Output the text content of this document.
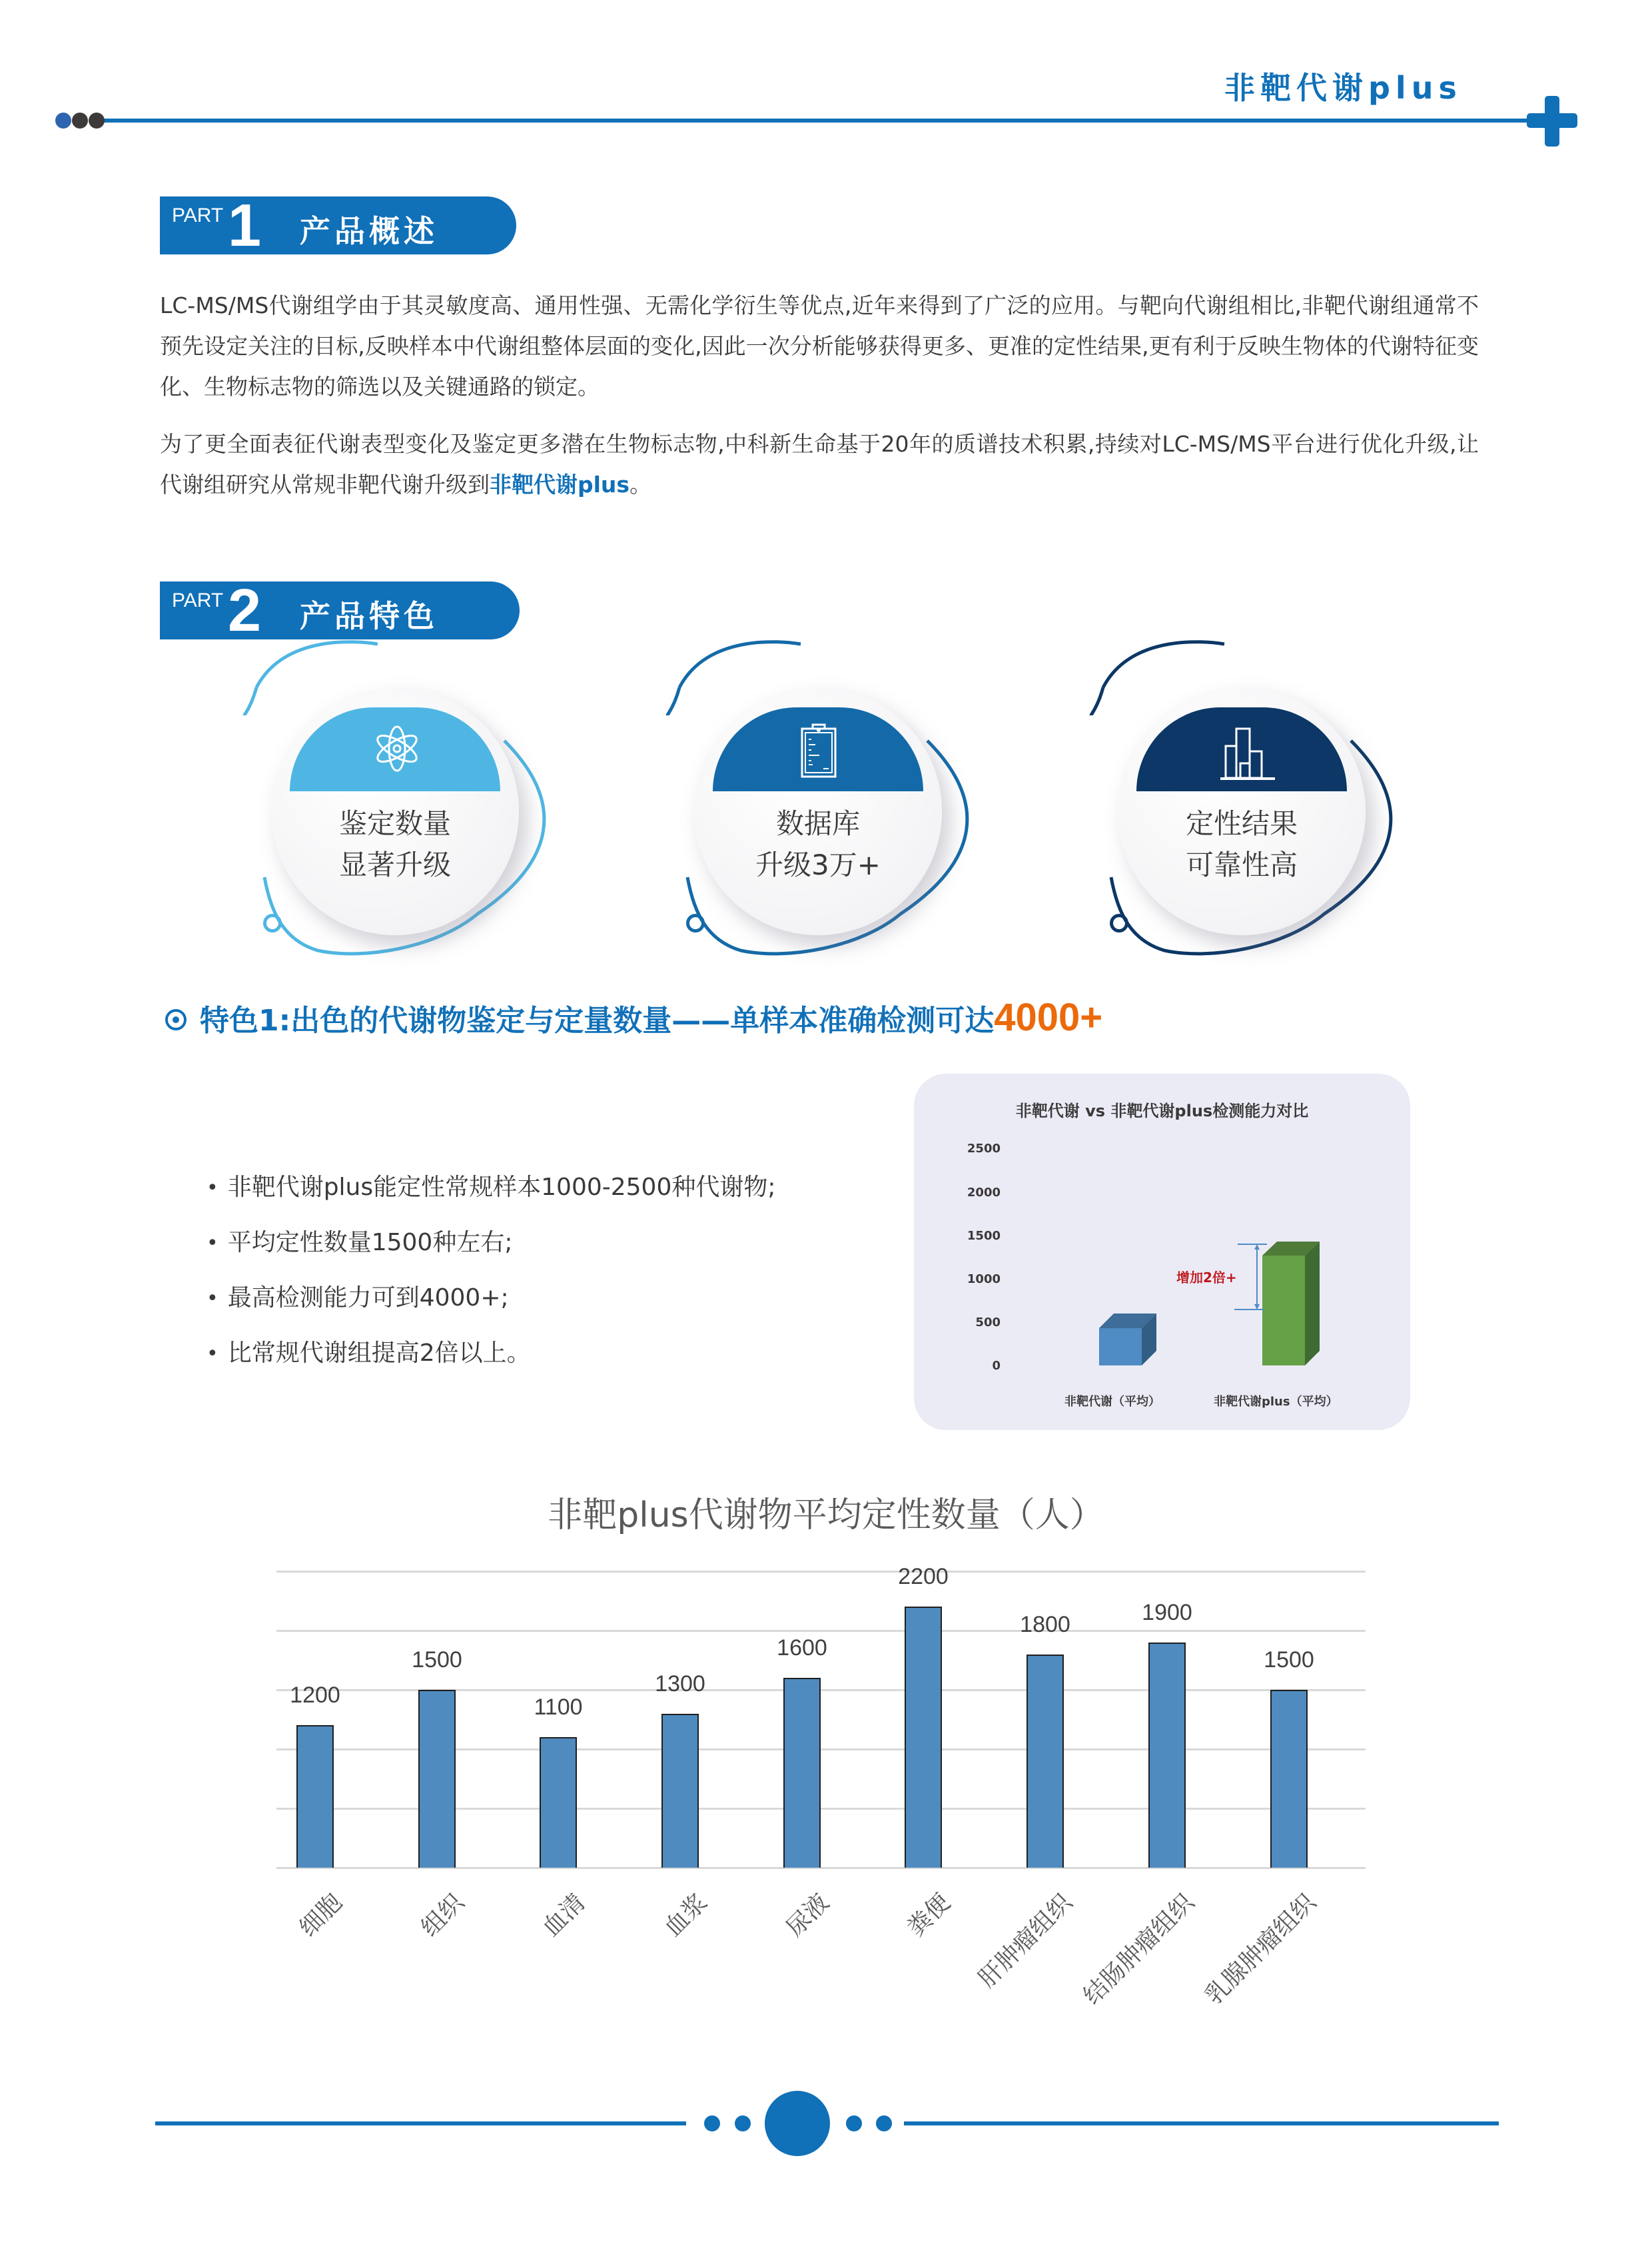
非靶代谢plus
PART 1 产品概述
LC-MS/MS代谢组学由于其灵敏度高、通用性强、无需化学衍生等优点,近年来得到了广泛的应用。与靶向代谢组相比,非靶代谢组通常不预先设定关注的目标,反映样本中代谢组整体层面的变化,因此一次分析能够获得更多、更准的定性结果,更有利于反映生物体的代谢特征变化、生物标志物的筛选以及关键通路的锁定。
为了更全面表征代谢表型变化及鉴定更多潜在生物标志物,中科新生命基于20年的质谱技术积累,持续对LC-MS/MS平台进行优化升级,让代谢组研究从常规非靶代谢升级到非靶代谢plus。
PART 2 产品特色
鉴定数量
显著升级
数据库
升级3万+
定性结果
可靠性高
特色1:出色的代谢物鉴定与定量数量——单样本准确检测可达4000+
• 非靶代谢plus能定性常规样本1000-2500种代谢物;
• 平均定性数量1500种左右;
• 最高检测能力可到4000+;
• 比常规代谢组提高2倍以上。
非靶代谢 vs 非靶代谢plus检测能力对比
2500
2000
1500
1000
500
0
增加2倍+
非靶代谢（平均）	非靶代谢plus（平均）
非靶plus代谢物平均定性数量（人）
1200
细胞
1500
组织
1100
血清
1300
血浆
1600
尿液
2200
粪便
1800
肝肿瘤组织
1900
结肠肿瘤组织
1500
乳腺肿瘤组织
